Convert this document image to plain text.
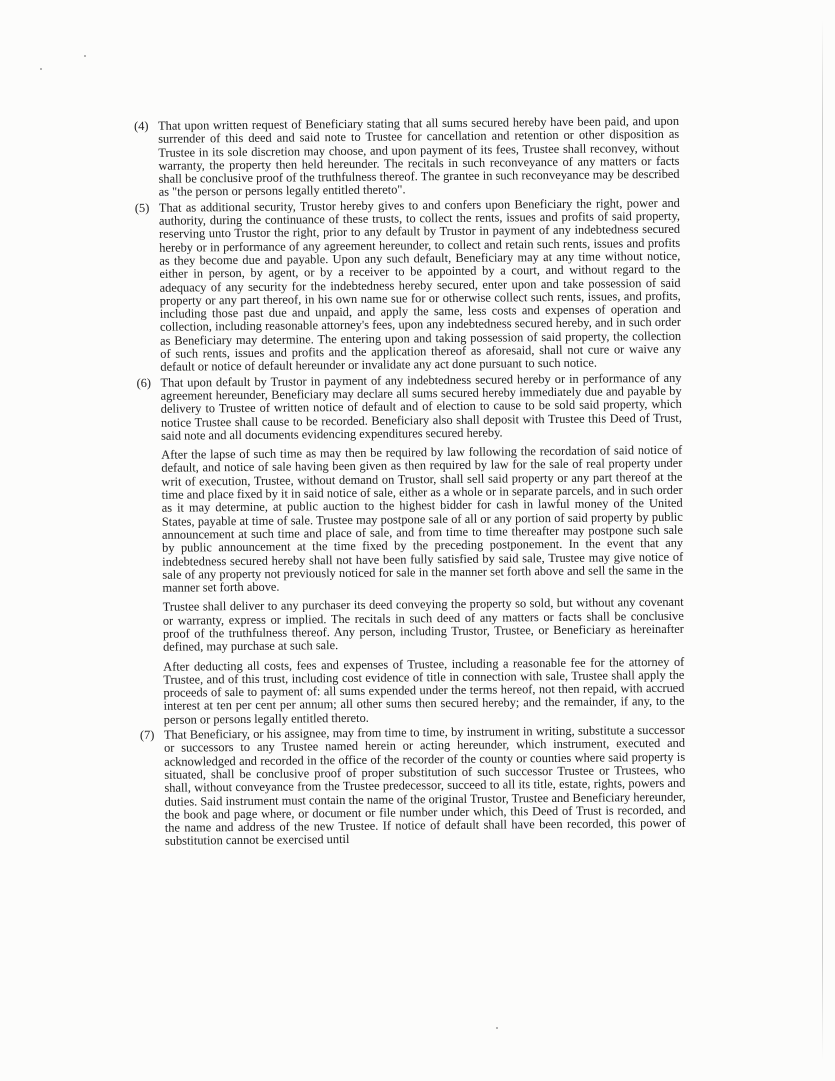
(4) That upon written request of Beneficiary stating that all sums secured hereby have been paid, and upon surrender of this deed and said note to Trustee for cancellation and retention or other disposition as Trustee in its sole discretion may choose, and upon payment of its fees, Trustee shall reconvey, without warranty, the property then held hereunder. The recitals in such reconveyance of any matters or facts shall be conclusive proof of the truthfulness thereof. The grantee in such reconveyance may be described as "the person or persons legally entitled thereto".

(5) That as additional security, Trustor hereby gives to and confers upon Beneficiary the right, power and authority, during the continuance of these trusts, to collect the rents, issues and profits of said property, reserving unto Trustor the right, prior to any default by Trustor in payment of any indebtedness secured hereby or in performance of any agreement hereunder, to collect and retain such rents, issues and profits as they become due and payable. Upon any such default, Beneficiary may at any time without notice, either in person, by agent, or by a receiver to be appointed by a court, and without regard to the adequacy of any security for the indebtedness hereby secured, enter upon and take possession of said property or any part thereof, in his own name sue for or otherwise collect such rents, issues, and profits, including those past due and unpaid, and apply the same, less costs and expenses of operation and collection, including reasonable attorney's fees, upon any indebtedness secured hereby, and in such order as Beneficiary may determine. The entering upon and taking possession of said property, the collection of such rents, issues and profits and the application thereof as aforesaid, shall not cure or waive any default or notice of default hereunder or invalidate any act done pursuant to such notice.

(6) That upon default by Trustor in payment of any indebtedness secured hereby or in performance of any agreement hereunder, Beneficiary may declare all sums secured hereby immediately due and payable by delivery to Trustee of written notice of default and of election to cause to be sold said property, which notice Trustee shall cause to be recorded. Beneficiary also shall deposit with Trustee this Deed of Trust, said note and all documents evidencing expenditures secured hereby.

After the lapse of such time as may then be required by law following the recordation of said notice of default, and notice of sale having been given as then required by law for the sale of real property under writ of execution, Trustee, without demand on Trustor, shall sell said property or any part thereof at the time and place fixed by it in said notice of sale, either as a whole or in separate parcels, and in such order as it may determine, at public auction to the highest bidder for cash in lawful money of the United States, payable at time of sale. Trustee may postpone sale of all or any portion of said property by public announcement at such time and place of sale, and from time to time thereafter may postpone such sale by public announcement at the time fixed by the preceding postponement. In the event that any indebtedness secured hereby shall not have been fully satisfied by said sale, Trustee may give notice of sale of any property not previously noticed for sale in the manner set forth above and sell the same in the manner set forth above.

Trustee shall deliver to any purchaser its deed conveying the property so sold, but without any covenant or warranty, express or implied. The recitals in such deed of any matters or facts shall be conclusive proof of the truthfulness thereof. Any person, including Trustor, Trustee, or Beneficiary as hereinafter defined, may purchase at such sale.

After deducting all costs, fees and expenses of Trustee, including a reasonable fee for the attorney of Trustee, and of this trust, including cost evidence of title in connection with sale, Trustee shall apply the proceeds of sale to payment of: all sums expended under the terms hereof, not then repaid, with accrued interest at ten per cent per annum; all other sums then secured hereby; and the remainder, if any, to the person or persons legally entitled thereto.

(7) That Beneficiary, or his assignee, may from time to time, by instrument in writing, substitute a successor or successors to any Trustee named herein or acting hereunder, which instrument, executed and acknowledged and recorded in the office of the recorder of the county or counties where said property is situated, shall be conclusive proof of proper substitution of such successor Trustee or Trustees, who shall, without conveyance from the Trustee predecessor, succeed to all its title, estate, rights, powers and duties. Said instrument must contain the name of the original Trustor, Trustee and Beneficiary hereunder, the book and page where, or document or file number under which, this Deed of Trust is recorded, and the name and address of the new Trustee. If notice of default shall have been recorded, this power of substitution cannot be exercised until
